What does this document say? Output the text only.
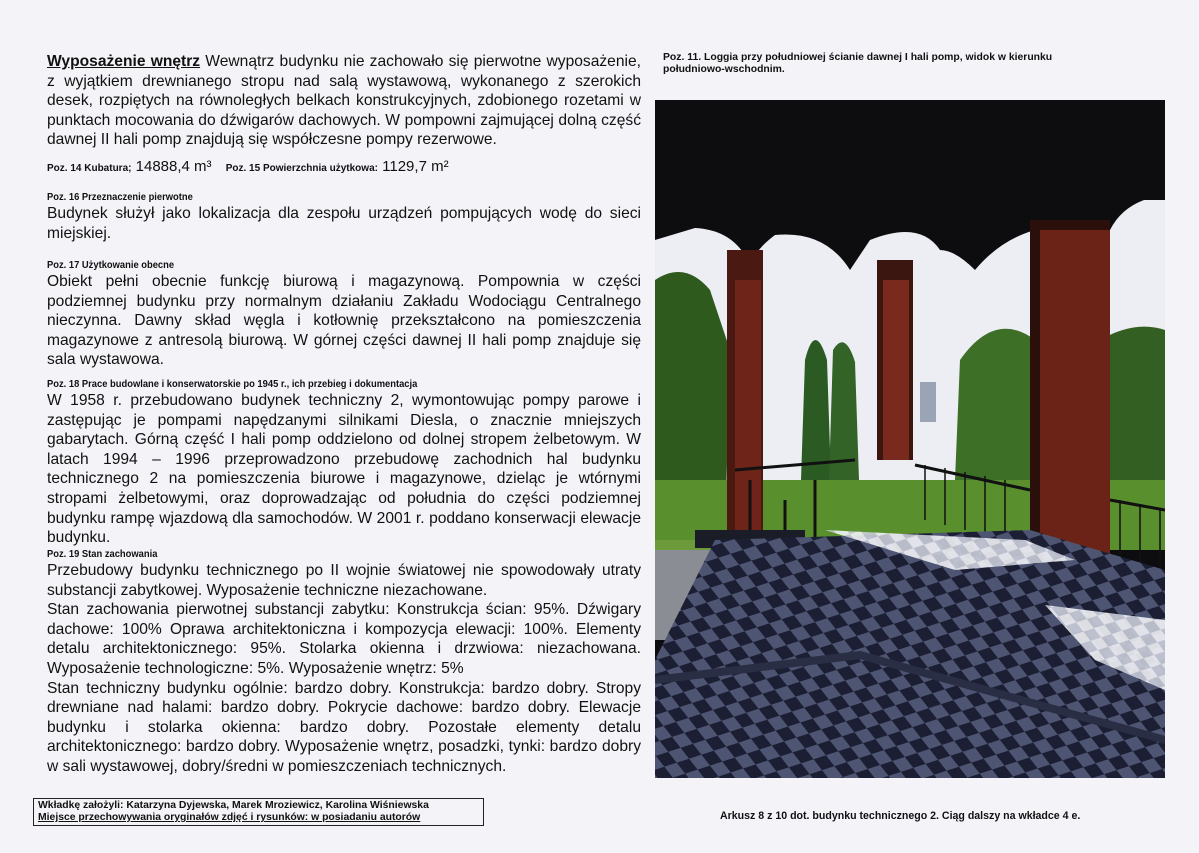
Wyposażenie wnętrz Wewnątrz budynku nie zachowało się pierwotne wyposażenie, z wyjątkiem drewnianego stropu nad salą wystawową, wykonanego z szerokich desek, rozpiętych na równoległych belkach konstrukcyjnych, zdobionego rozetami w punktach mocowania do dźwigarów dachowych. W pompowni zajmującej dolną część dawnej II hali pomp znajdują się współczesne pompy rezerwowe.

Poz. 14 Kubatura; 14888,4 m³ Poz. 15 Powierzchnia użytkowa: 1129,7 m²
Poz. 16 Przeznaczenie pierwotne

Budynek służył jako lokalizacja dla zespołu urządzeń pompujących wodę do sieci miejskiej.

Poz. 17 Użytkowanie obecne

Obiekt pełni obecnie funkcję biurową i magazynową. Pompownia w części podziemnej budynku przy normalnym działaniu Zakładu Wodociągu Centralnego nieczynna. Dawny skład węgla i kotłownię przekształcono na pomieszczenia magazynowe z antresolą biurową. W górnej części dawnej II hali pomp znajduje się sala wystawowa.

Poz. 18 Prace budowlane i konserwatorskie po 1945 r., ich przebieg i dokumentacja

W 1958 r. przebudowano budynek techniczny 2, wymontowując pompy parowe i zastępując je pompami napędzanymi silnikami Diesla, o znacznie mniejszych gabarytach. Górną część I hali pomp oddzielono od dolnej stropem żelbetowym. W latach 1994 – 1996 przeprowadzono przebudowę zachodnich hal budynku technicznego 2 na pomieszczenia biurowe i magazynowe, dzieląc je wtórnymi stropami żelbetowymi, oraz doprowadzając od południa do części podziemnej budynku rampę wjazdową dla samochodów. W 2001 r. poddano konserwacji elewacje budynku.

Poz. 19 Stan zachowania

Przebudowy budynku technicznego po II wojnie światowej nie spowodowały utraty substancji zabytkowej. Wyposażenie techniczne niezachowane.

Stan zachowania pierwotnej substancji zabytku: Konstrukcja ścian: 95%. Dźwigary dachowe: 100% Oprawa architektoniczna i kompozycja elewacji: 100%. Elementy detalu architektonicznego: 95%. Stolarka okienna i drzwiowa: niezachowana. Wyposażenie technologiczne: 5%. Wyposażenie wnętrz: 5%

Stan techniczny budynku ogólnie: bardzo dobry. Konstrukcja: bardzo dobry. Stropy drewniane nad halami: bardzo dobry. Pokrycie dachowe: bardzo dobry. Elewacje budynku i stolarka okienna: bardzo dobry. Pozostałe elementy detalu architektonicznego: bardzo dobry. Wyposażenie wnętrz, posadzki, tynki: bardzo dobry w sali wystawowej, dobry/średni w pomieszczeniach technicznych.

Wkładkę założyli: Katarzyna Dyjewska, Marek Mroziewicz, Karolina Wiśniewska
Miejsce przechowywania oryginałów zdjęć i rysunków: w posiadaniu autorów
Poz. 11. Loggia przy południowej ścianie dawnej I hali pomp, widok w kierunku
południowo-wschodnim.
Arkusz 8 z 10 dot. budynku technicznego 2. Ciąg dalszy na wkładce 4 e.
